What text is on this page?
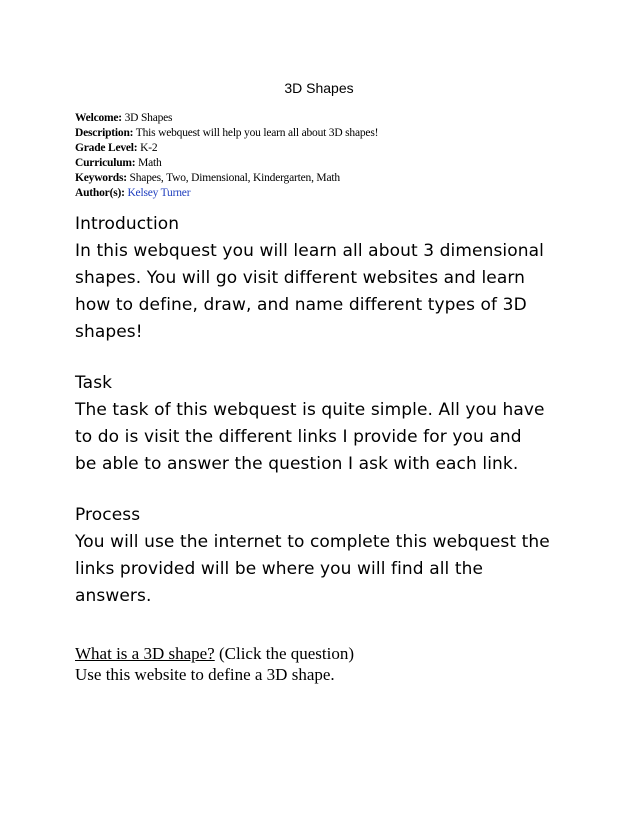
3D Shapes
Welcome: 3D Shapes
Description: This webquest will help you learn all about 3D shapes!
Grade Level: K-2
Curriculum: Math
Keywords: Shapes, Two, Dimensional, Kindergarten, Math
Author(s): Kelsey Turner
Introduction
In this webquest you will learn all about 3 dimensional
shapes. You will go visit different websites and learn
how to define, draw, and name different types of 3D
shapes!
Task
The task of this webquest is quite simple. All you have
to do is visit the different links I provide for you and
be able to answer the question I ask with each link.
Process
You will use the internet to complete this webquest the
links provided will be where you will find all the
answers.
What is a 3D shape? (Click the question)
Use this website to define a 3D shape.
